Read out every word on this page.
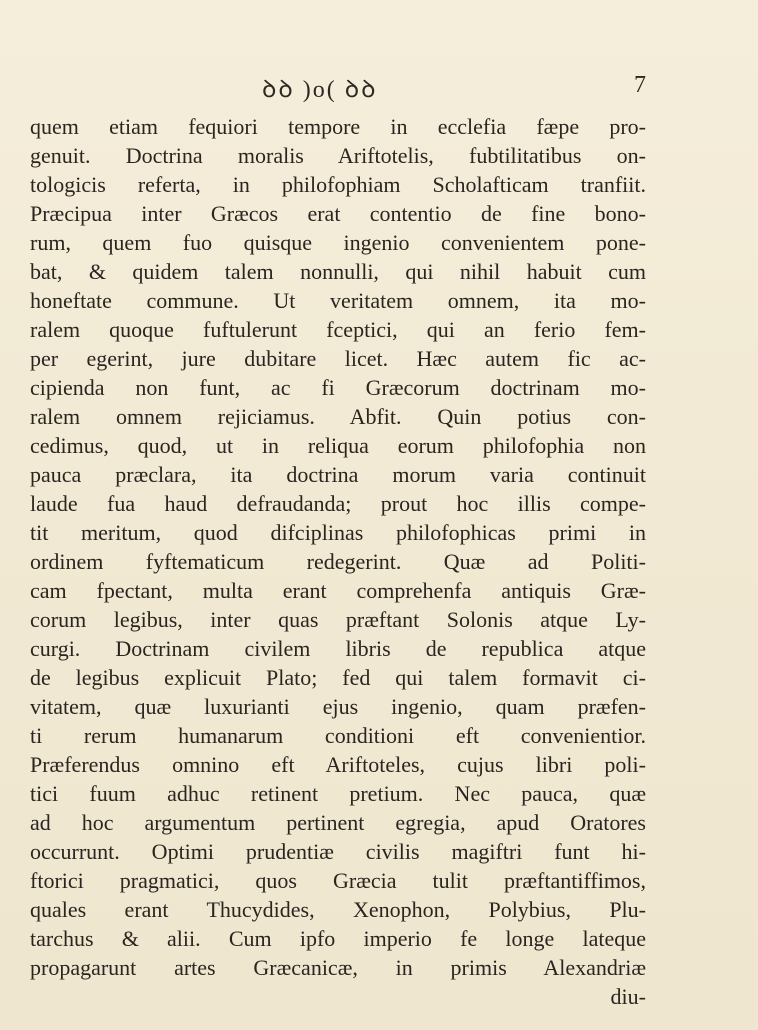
ꝺꝺ )o( ꝺꝺ	7
quem etiam fequiori tempore in ecclefia fæpe pro-
genuit. Doctrina moralis Ariftotelis, fubtilitatibus on-
tologicis referta, in philofophiam Scholafticam tranfiit.
Præcipua inter Græcos erat contentio de fine bono-
rum, quem fuo quisque ingenio convenientem pone-
bat, & quidem talem nonnulli, qui nihil habuit cum
honeftate commune. Ut veritatem omnem, ita mo-
ralem quoque fuftulerunt fceptici, qui an ferio fem-
per egerint, jure dubitare licet. Hæc autem fic ac-
cipienda non funt, ac fi Græcorum doctrinam mo-
ralem omnem rejiciamus. Abfit. Quin potius con-
cedimus, quod, ut in reliqua eorum philofophia non
pauca præclara, ita doctrina morum varia continuit
laude fua haud defraudanda; prout hoc illis compe-
tit meritum, quod difciplinas philofophicas primi in
ordinem fyftematicum redegerint. Quæ ad Politi-
cam fpectant, multa erant comprehenfa antiquis Græ-
corum legibus, inter quas præftant Solonis atque Ly-
curgi. Doctrinam civilem libris de republica atque
de legibus explicuit Plato; fed qui talem formavit ci-
vitatem, quæ luxurianti ejus ingenio, quam præfen-
ti rerum humanarum conditioni eft convenientior.
Præferendus omnino eft Ariftoteles, cujus libri poli-
tici fuum adhuc retinent pretium. Nec pauca, quæ
ad hoc argumentum pertinent egregia, apud Oratores
occurrunt. Optimi prudentiæ civilis magiftri funt hi-
ftorici pragmatici, quos Græcia tulit præftantiffimos,
quales erant Thucydides, Xenophon, Polybius, Plu-
tarchus & alii. Cum ipfo imperio fe longe lateque
propagarunt artes Græcanicæ, in primis Alexandriæ
diu-
